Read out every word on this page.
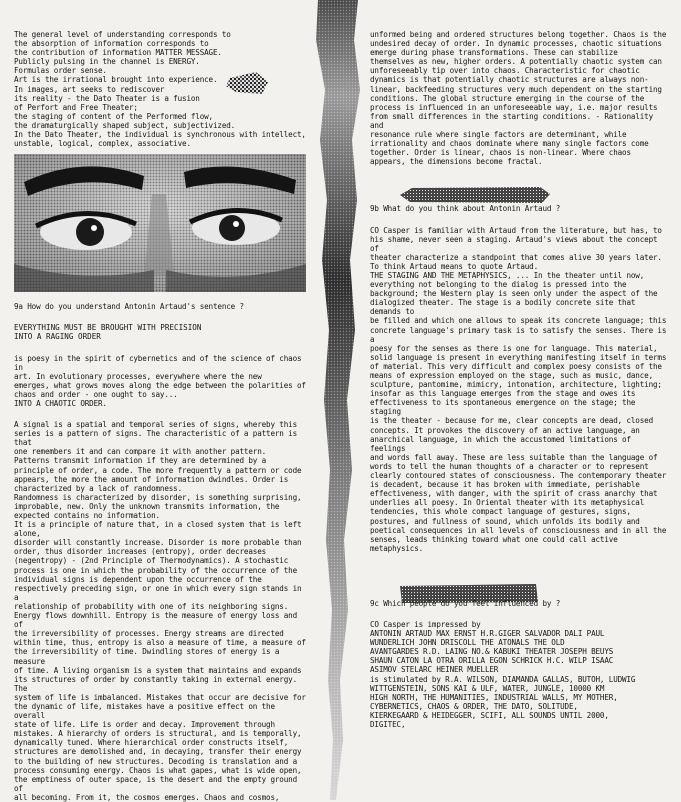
The general level of understanding corresponds to
the absorption of information corresponds to
the contribution of information MATTER MESSAGE.
Publicly pulsing in the channel is ENERGY.
Formulas order sense.
Art is the irrational brought into experience.
In images, art seeks to rediscover
its reality - the Dato Theater is a fusion
of Perfort and Free Theater;
the staging of content of the Performed flow,
the dramaturgically shaped subject, subjectivized.
In the Dato Theater, the individual is synchronous with intellect,
unstable, logical, complex, associative.

9a How do you understand Antonin Artaud's sentence ?

EVERYTHING MUST BE BROUGHT WITH PRECISION
INTO A RAGING ORDER

is poesy in the spirit of cybernetics and of the science of chaos in
art. In evolutionary processes, everywhere where the new
emerges, what grows moves along the edge between the polarities of
chaos and order - one ought to say...
INTO A CHAOTIC ORDER.

A signal is a spatial and temporal series of signs, whereby this
series is a pattern of signs. The characteristic of a pattern is that
one remembers it and can compare it with another pattern.
Patterns transmit information if they are determined by a
principle of order, a code. The more frequently a pattern or code
appears, the more the amount of information dwindles. Order is
characterized by a lack of randomness.
Randomness is characterized by disorder, is something surprising,
improbable, new. Only the unknown transmits information, the
expected contains no information.
It is a principle of nature that, in a closed system that is left alone,
disorder will constantly increase. Disorder is more probable than
order, thus disorder increases (entropy), order decreases
(negentropy) - (2nd Principle of Thermodynamics). A stochastic
process is one in which the probability of the occurrence of the
individual signs is dependent upon the occurrence of the
respectively preceding sign, or one in which every sign stands in a
relationship of probability with one of its neighboring signs.
Energy flows downhill. Entropy is the measure of energy loss and of
the irreversibility of processes. Energy streams are directed
within time, thus, entropy is also a measure of time, a measure of
the irreversibility of time. Dwindling stores of energy is a measure
of time. A living organism is a system that maintains and expands
its structures of order by constantly taking in external energy. The
system of life is imbalanced. Mistakes that occur are decisive for
the dynamic of life, mistakes have a positive effect on the overall
state of life. Life is order and decay. Improvement through
mistakes. A hierarchy of orders is structural, and is temporally,
dynamically tuned. Where hierarchical order constructs itself,
structures are demolished and, in decaying, transfer their energy
to the building of new structures. Decoding is translation and a
process consuming energy. Chaos is what gapes, what is wide open,
the emptiness of outer space, is the desert and the empty ground of
all becoming. From it, the cosmos emerges. Chaos and cosmos,

unformed being and ordered structures belong together. Chaos is the
undesired decay of order. In dynamic processes, chaotic situations
emerge during phase transformations. These can stabilize
themselves as new, higher orders. A potentially chaotic system can
unforeseeably tip over into chaos. Characteristic for chaotic
dynamics is that potentially chaotic structures are always non-
linear, backfeeding structures very much dependent on the starting
conditions. The global structure emerging in the course of the
process is influenced in an unforeseeable way, i.e. major results
from small differences in the starting conditions. - Rationality and
resonance rule where single factors are determinant, while
irrationality and chaos dominate where many single factors come
together. Order is linear, chaos is non-linear. Where chaos
appears, the dimensions become fractal.

9b What do you think about Antonin Artaud ?

CO Casper is familiar with Artaud from the literature, but has, to
his shame, never seen a staging. Artaud's views about the concept of
theater characterize a standpoint that comes alive 30 years later.
To think Artaud means to quote Artaud.
THE STAGING AND THE METAPHYSICS, ... In the theater until now,
everything not belonging to the dialog is pressed into the
background; the Western play is seen only under the aspect of the
dialogized theater. The stage is a bodily concrete site that demands to
be filled and which one allows to speak its concrete language; this
concrete language's primary task is to satisfy the senses. There is a
poesy for the senses as there is one for language. This material,
solid language is present in everything manifesting itself in terms
of material. This very difficult and complex poesy consists of the
means of expression employed on the stage, such as music, dance,
sculpture, pantomime, mimicry, intonation, architecture, lighting;
insofar as this language emerges from the stage and owes its
effectiveness to its spontaneous emergence on the stage; the staging
is the theater - because for me, clear concepts are dead, closed
concepts. It provokes the discovery of an active language, an
anarchical language, in which the accustomed limitations of feelings
and words fall away. These are less suitable than the language of
words to tell the human thoughts of a character or to represent
clearly contoured states of consciousness. The contemporary theater
is decadent, because it has broken with immediate, perishable
effectiveness, with danger, with the spirit of crass anarchy that
underlies all poesy. In Oriental theater with its metaphysical
tendencies, this whole compact language of gestures, signs,
postures, and fullness of sound, which unfolds its bodily and
poetical consequences in all levels of consciousness and in all the
senses, leads thinking toward what one could call active
metaphysics.

9c Which people do you feel influenced by ?

CO Casper is impressed by

ANTONIN ARTAUD MAX ERNST H.R.GIGER SALVADOR DALI PAUL
WUNDERLICH JOHN DRISCOLL THE ATONALS THE OLD
AVANTGARDES R.D. LAING NO.& KABUKI THEATER JOSEPH BEUYS
SHAUN CATON LA OTRA ORILLA EGON SCHRICK H.C. WILP ISAAC
ASIMOV STELARC HEINER MUELLER

is stimulated by R.A. WILSON, DIAMANDA GALLAS, BUTOH, LUDWIG
WITTGENSTEIN, SONS KAI & ULF, WATER, JUNGLE, 10000 KM
HIGH NORTH, THE HUMANITIES, INDUSTRIAL WALLS, MY MOTHER,
CYBERNETICS, CHAOS & ORDER, THE DATO, SOLITUDE,
KIERKEGAARD & HEIDEGGER, SCIFI, ALL SOUNDS UNTIL 2000,
DIGITEC,
